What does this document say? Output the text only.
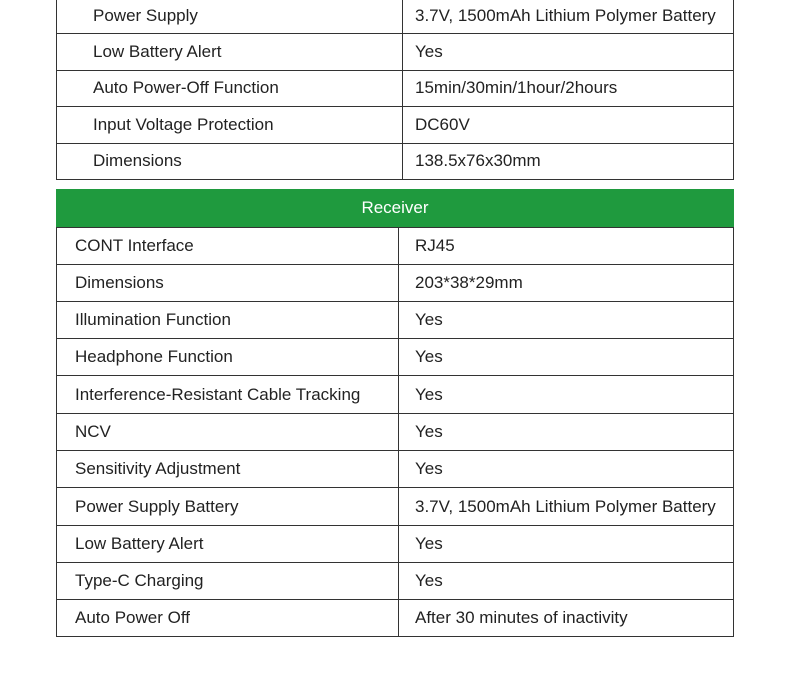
Power Supply	3.7V, 1500mAh Lithium Polymer Battery
Low Battery Alert	Yes
Auto Power-Off Function	15min/30min/1hour/2hours
Input Voltage Protection	DC60V
Dimensions	138.5x76x30mm
Receiver
CONT Interface	RJ45
Dimensions	203*38*29mm
Illumination Function	Yes
Headphone Function	Yes
Interference-Resistant Cable Tracking	Yes
NCV	Yes
Sensitivity Adjustment	Yes
Power Supply Battery	3.7V, 1500mAh Lithium Polymer Battery
Low Battery Alert	Yes
Type-C Charging	Yes
Auto Power Off	After 30 minutes of inactivity
